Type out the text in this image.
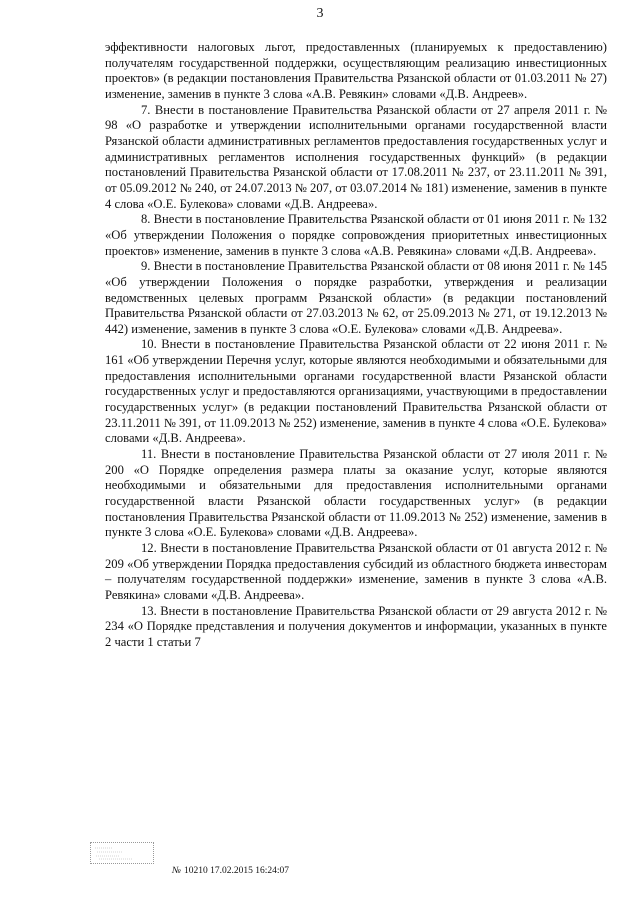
3

эффективности налоговых льгот, предоставленных (планируемых к предоставлению) получателям государственной поддержки, осуществляющим реализацию инвестиционных проектов» (в редакции постановления Правительства Рязанской области от 01.03.2011 № 27) изменение, заменив в пункте 3 слова «А.В. Ревякин» словами «Д.В. Андреев».

7. Внести в постановление Правительства Рязанской области от 27 апреля 2011 г. № 98 «О разработке и утверждении исполнительными органами государственной власти Рязанской области административных регламентов предоставления государственных услуг и административных регламентов исполнения государственных функций» (в редакции постановлений Правительства Рязанской области от 17.08.2011 № 237, от 23.11.2011 № 391, от 05.09.2012 № 240, от 24.07.2013 № 207, от 03.07.2014 № 181) изменение, заменив в пункте 4 слова «О.Е. Булекова» словами «Д.В. Андреева».

8. Внести в постановление Правительства Рязанской области от 01 июня 2011 г. № 132 «Об утверждении Положения о порядке сопровождения приоритетных инвестиционных проектов» изменение, заменив в пункте 3 слова «А.В. Ревякина» словами «Д.В. Андреева».

9. Внести в постановление Правительства Рязанской области от 08 июня 2011 г. № 145 «Об утверждении Положения о порядке разработки, утверждения и реализации ведомственных целевых программ Рязанской области» (в редакции постановлений Правительства Рязанской области от 27.03.2013 № 62, от 25.09.2013 № 271, от 19.12.2013 № 442) изменение, заменив в пункте 3 слова «О.Е. Булекова» словами «Д.В. Андреева».

10. Внести в постановление Правительства Рязанской области от 22 июня 2011 г. № 161 «Об утверждении Перечня услуг, которые являются необходимыми и обязательными для предоставления исполнительными органами государственной власти Рязанской области государственных услуг и предоставляются организациями, участвующими в предоставлении государственных услуг» (в редакции постановлений Правительства Рязанской области от 23.11.2011 № 391, от 11.09.2013 № 252) изменение, заменив в пункте 4 слова «О.Е. Булекова» словами «Д.В. Андреева».

11. Внести в постановление Правительства Рязанской области от 27 июля 2011 г. № 200 «О Порядке определения размера платы за оказание услуг, которые являются необходимыми и обязательными для предоставления исполнительными органами государственной власти Рязанской области государственных услуг» (в редакции постановления Правительства Рязанской области от 11.09.2013 № 252) изменение, заменив в пункте 3 слова «О.Е. Булекова» словами «Д.В. Андреева».

12. Внести в постановление Правительства Рязанской области от 01 августа 2012 г. № 209 «Об утверждении Порядка предоставления субсидий из областного бюджета инвесторам – получателям государственной поддержки» изменение, заменив в пункте 3 слова «А.В. Ревякина» словами «Д.В. Андреева».

13. Внести в постановление Правительства Рязанской области от 29 августа 2012 г. № 234 «О Порядке представления и получения документов и информации, указанных в пункте 2 части 1 статьи 7

№ 10210 17.02.2015 16:24:07
